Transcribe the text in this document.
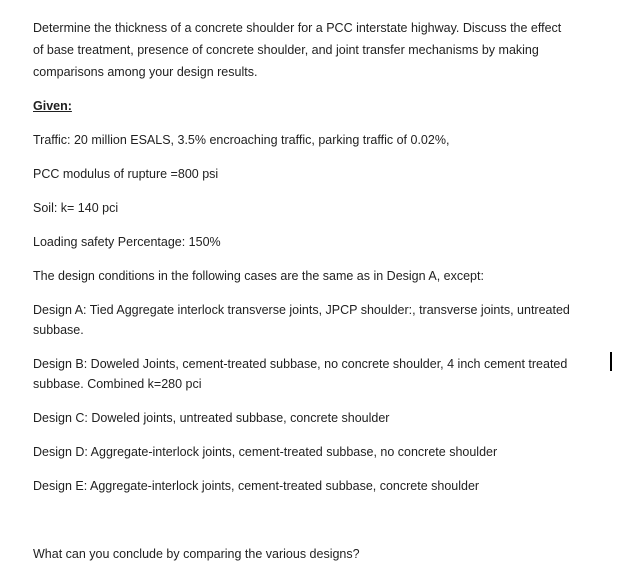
Determine the thickness of a concrete shoulder for a PCC interstate highway. Discuss the effect
of base treatment, presence of concrete shoulder, and joint transfer mechanisms by making
comparisons among your design results.
Given:
Traffic: 20 million ESALS, 3.5% encroaching traffic, parking traffic of 0.02%,
PCC modulus of rupture =800 psi
Soil: k= 140 pci
Loading safety Percentage: 150%
The design conditions in the following cases are the same as in Design A, except:
Design A: Tied Aggregate interlock transverse joints, JPCP shoulder:, transverse joints, untreated
subbase.
Design B: Doweled Joints, cement-treated subbase, no concrete shoulder, 4 inch cement treated
subbase. Combined k=280 pci
Design C: Doweled joints, untreated subbase, concrete shoulder
Design D: Aggregate-interlock joints, cement-treated subbase, no concrete shoulder
Design E: Aggregate-interlock joints, cement-treated subbase, concrete shoulder
What can you conclude by comparing the various designs?
